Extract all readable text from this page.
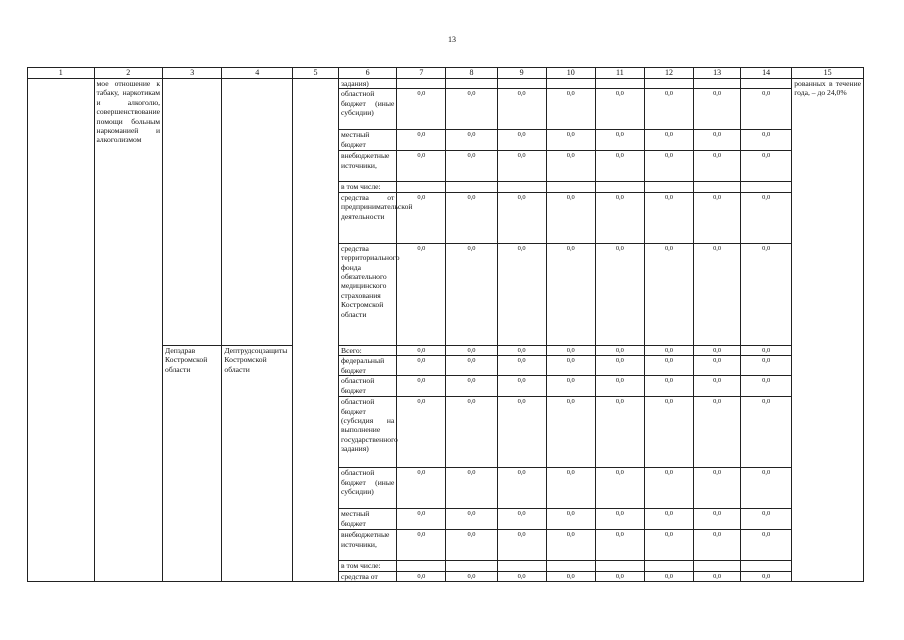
13
1	2	3	4	5	6	7	8	9	10	11	12	13	14	15
	мое отношение к табаку, наркотикам и алкоголю, совершенствование помощи больным наркоманией и алкоголизмом				задания)									рованных в течение года, – до 24,0%
					областной бюджет (иные субсидии)	0,0	0,0	0,0	0,0	0,0	0,0	0,0	0,0	
					местный бюджет	0,0	0,0	0,0	0,0	0,0	0,0	0,0	0,0	
					внебюджетные источники,	0,0	0,0	0,0	0,0	0,0	0,0	0,0	0,0	
					в том числе:									
					средства от предпринимательской деятельности	0,0	0,0	0,0	0,0	0,0	0,0	0,0	0,0	
					средства территориального фонда обязательного медицинского страхования Костромской области	0,0	0,0	0,0	0,0	0,0	0,0	0,0	0,0	
		Депздрав Костромской области	Дептрудсоцзащиты Костромской области		Всего:	0,0	0,0	0,0	0,0	0,0	0,0	0,0	0,0	
					федеральный бюджет	0,0	0,0	0,0	0,0	0,0	0,0	0,0	0,0	
					областной бюджет	0,0	0,0	0,0	0,0	0,0	0,0	0,0	0,0	
					областной бюджет (субсидия на выполнение государственного задания)	0,0	0,0	0,0	0,0	0,0	0,0	0,0	0,0	
					областной бюджет (иные субсидии)	0,0	0,0	0,0	0,0	0,0	0,0	0,0	0,0	
					местный бюджет	0,0	0,0	0,0	0,0	0,0	0,0	0,0	0,0	
					внебюджетные источники,	0,0	0,0	0,0	0,0	0,0	0,0	0,0	0,0	
					в том числе:									
					средства от	0,0	0,0	0,0	0,0	0,0	0,0	0,0	0,0	
